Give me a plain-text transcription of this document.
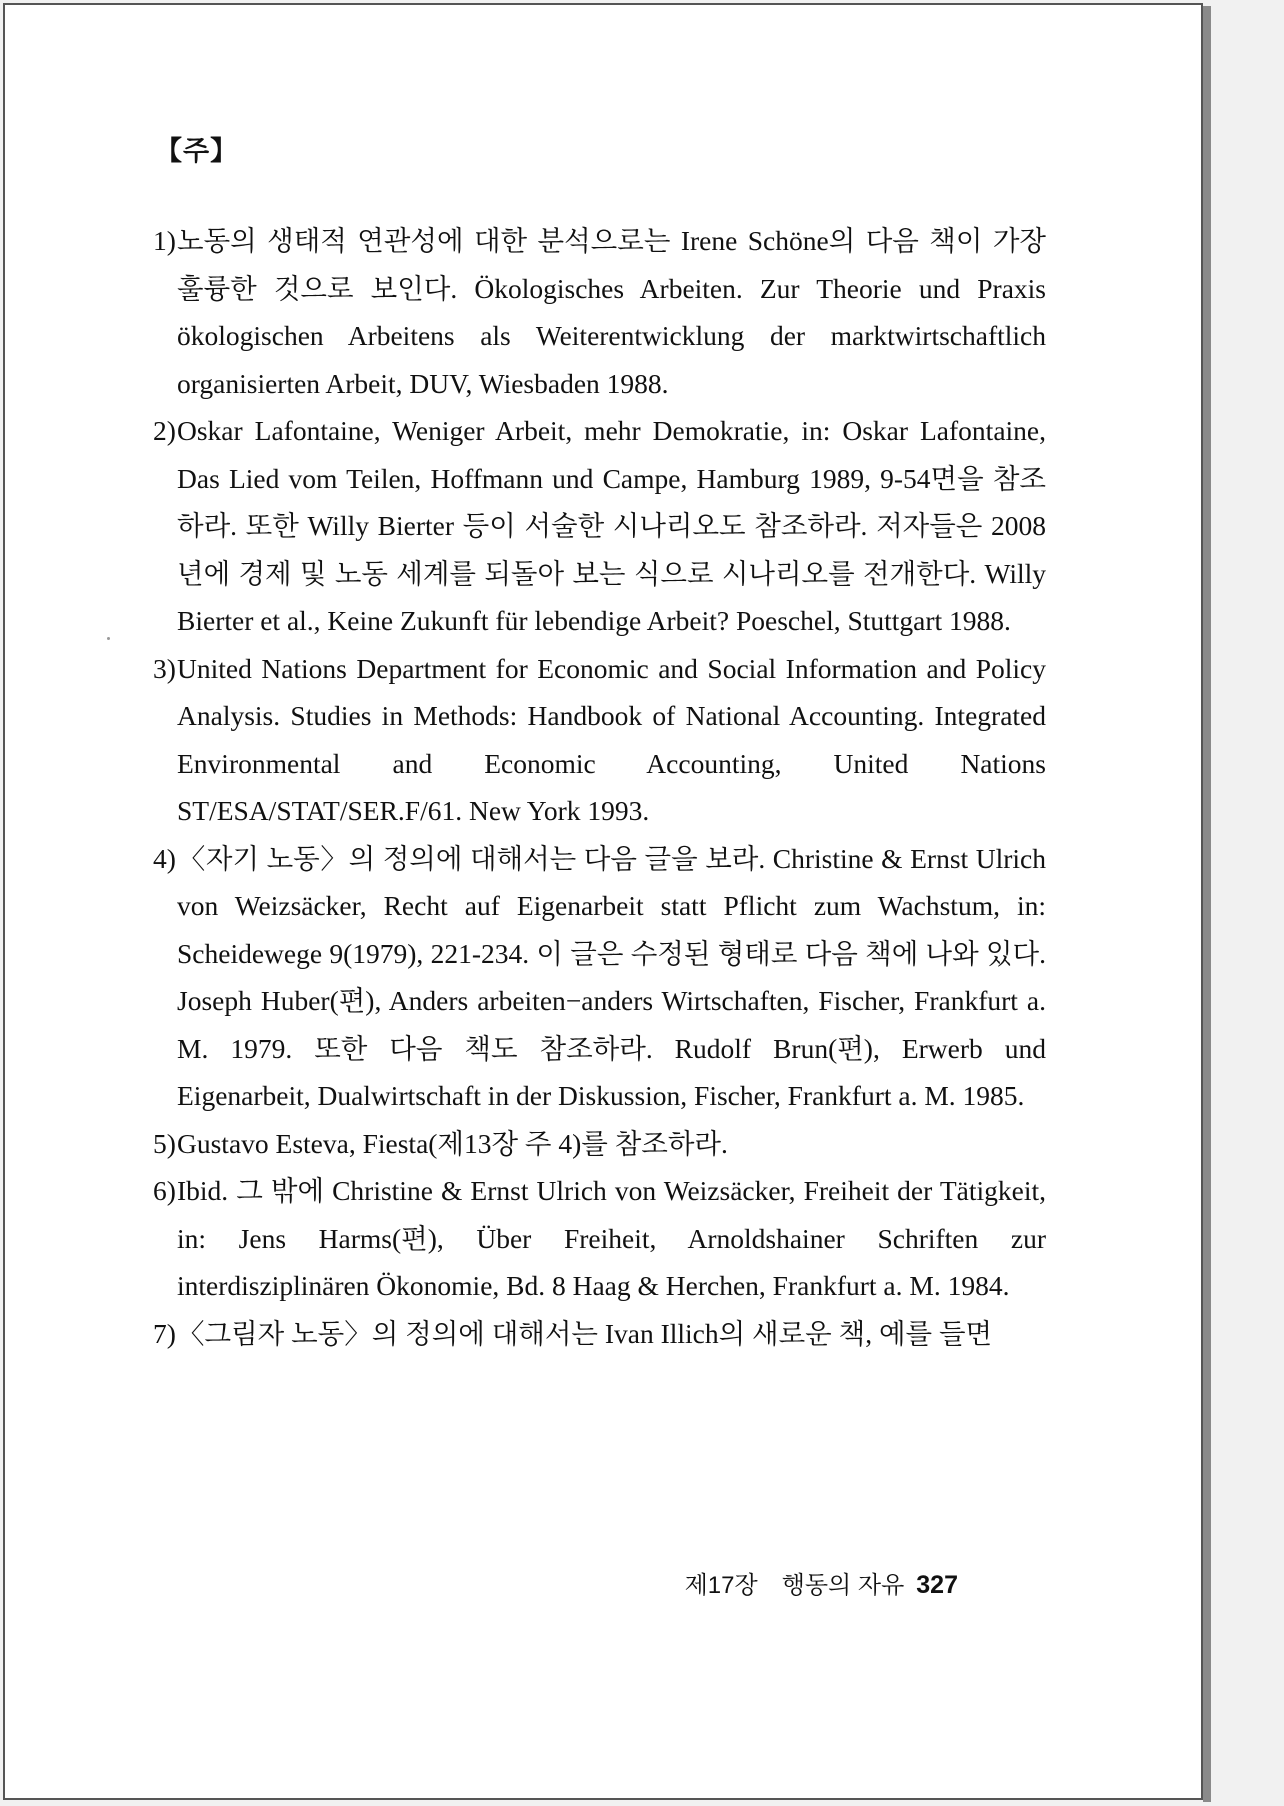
【주】

1)노동의 생태적 연관성에 대한 분석으로는 Irene Schöne의 다음 책이 가장 훌륭한 것으로 보인다. Ökologisches Arbeiten. Zur Theorie und Praxis ökologischen Arbeitens als Weiterentwicklung der marktwirtschaftlich organisierten Arbeit, DUV, Wiesbaden 1988.

2)Oskar Lafontaine, Weniger Arbeit, mehr Demokratie, in: Oskar Lafontaine, Das Lied vom Teilen, Hoffmann und Campe, Hamburg 1989, 9-54면을 참조하라. 또한 Willy Bierter 등이 서술한 시나리오도 참조하라. 저자들은 2008년에 경제 및 노동 세계를 되돌아 보는 식으로 시나리오를 전개한다. Willy Bierter et al., Keine Zukunft für lebendige Arbeit? Poeschel, Stuttgart 1988.

3)United Nations Department for Economic and Social Information and Policy Analysis. Studies in Methods: Handbook of National Accounting. Integrated Environmental and Economic Accounting, United Nations ST/ESA/STAT/SER.F/61. New York 1993.

4)〈자기 노동〉의 정의에 대해서는 다음 글을 보라. Christine & Ernst Ulrich von Weizsäcker, Recht auf Eigenarbeit statt Pflicht zum Wachstum, in: Scheidewege 9(1979), 221-234. 이 글은 수정된 형태로 다음 책에 나와 있다. Joseph Huber(편), Anders arbeiten−anders Wirtschaften, Fischer, Frankfurt a. M. 1979. 또한 다음 책도 참조하라. Rudolf Brun(편), Erwerb und Eigenarbeit, Dualwirtschaft in der Diskussion, Fischer, Frankfurt a. M. 1985.

5)Gustavo Esteva, Fiesta(제13장 주 4)를 참조하라.

6)Ibid. 그 밖에 Christine & Ernst Ulrich von Weizsäcker, Freiheit der Tätigkeit, in: Jens Harms(편), Über Freiheit, Arnoldshainer Schriften zur interdisziplinären Ökonomie, Bd. 8 Haag & Herchen, Frankfurt a. M. 1984.

7)〈그림자 노동〉의 정의에 대해서는 Ivan Illich의 새로운 책, 예를 들면

제17장 행동의 자유 327
